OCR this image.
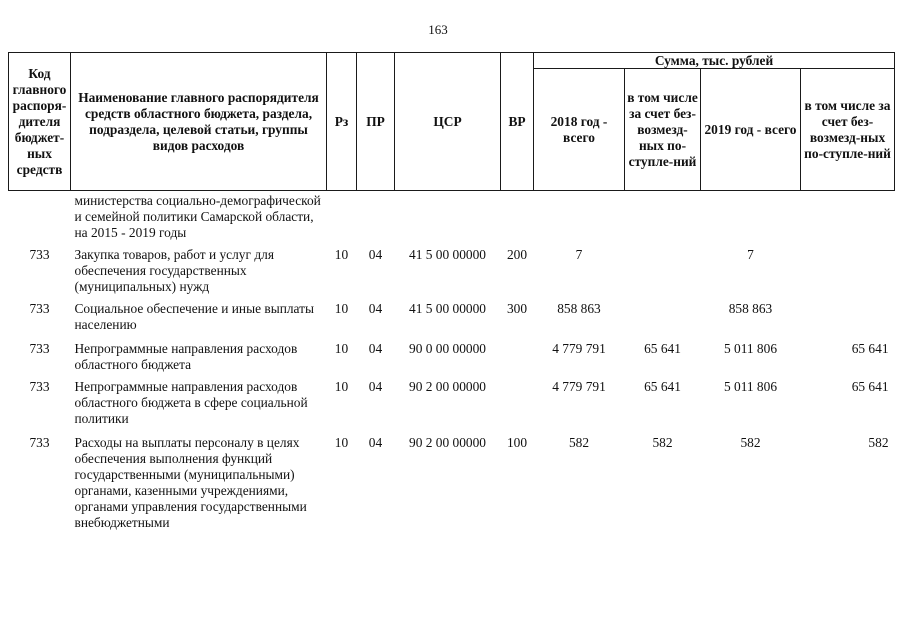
163
Код главного распоря-дителя бюджет-ных средств	Наименование главного распорядителя средств областного бюджета, раздела, подраздела, целевой статьи, группы видов расходов	Рз	ПР	ЦСР	ВР	Сумма, тыс. рублей			
						2018 год - всего	в том числе за счет без-возмезд-ных по-ступле-ний	2019 год - всего	в том числе за счет без-возмезд-ных по-ступле-ний
	министерства социально-демографической и семейной политики Самарской области, на 2015 - 2019 годы								
733	Закупка товаров, работ и услуг для обеспечения государственных (муниципальных) нужд	10	04	41 5 00 00000	200	7		7	
733	Социальное обеспечение и иные выплаты населению	10	04	41 5 00 00000	300	858 863		858 863	
733	Непрограммные направления расходов областного бюджета	10	04	90 0 00 00000		4 779 791	65 641	5 011 806	65 641
733	Непрограммные направления расходов областного бюджета в сфере социальной политики	10	04	90 2 00 00000		4 779 791	65 641	5 011 806	65 641
733	Расходы на выплаты персоналу в целях обеспечения выполнения функций государственными (муниципальными) органами, казенными учреждениями, органами управления государственными внебюджетными	10	04	90 2 00 00000	100	582	582	582	582
